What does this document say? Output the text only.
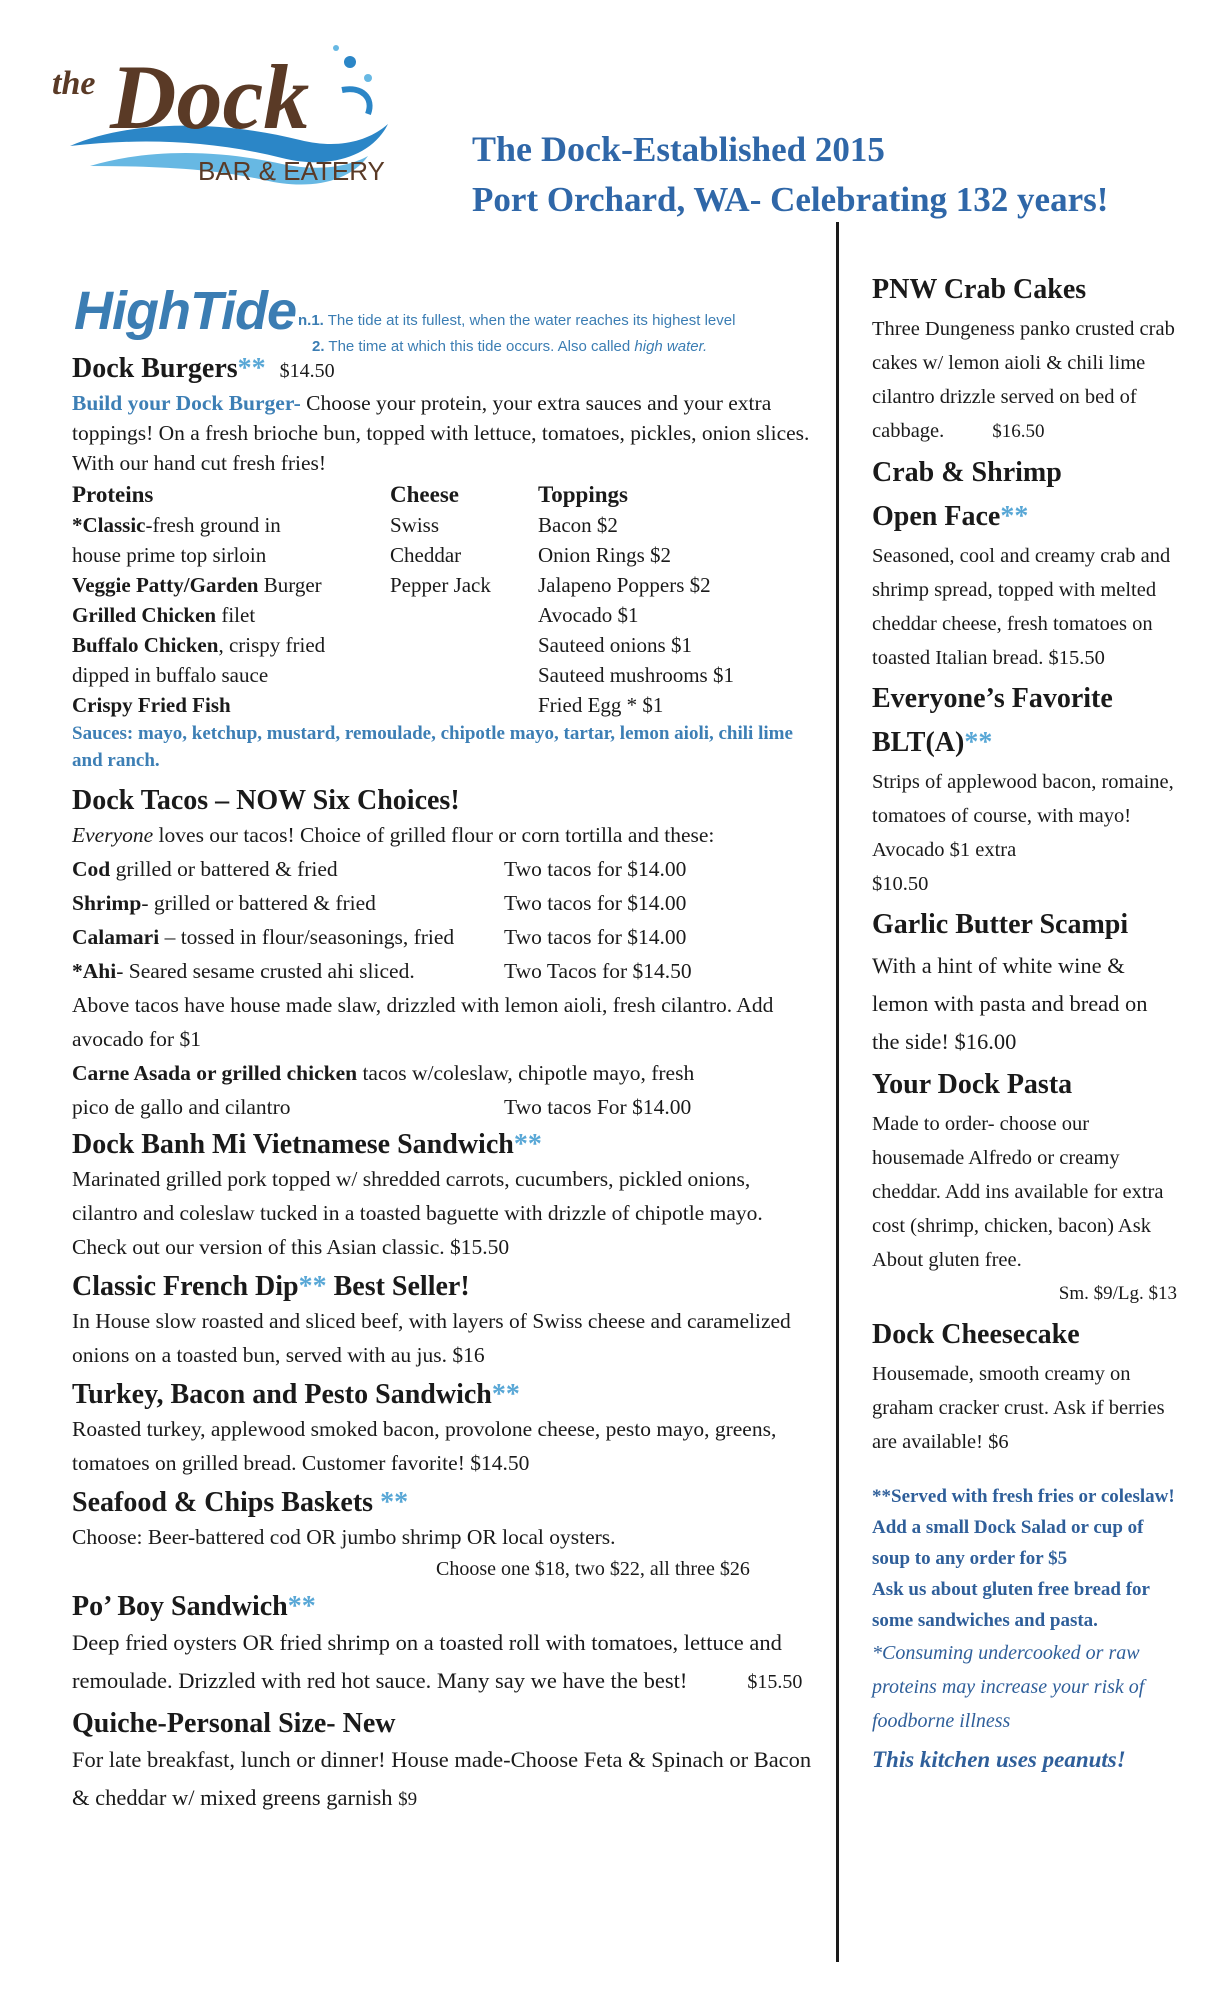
the Dock
BAR & EATERY
The Dock-Established 2015
Port Orchard, WA- Celebrating 132 years!
HighTide n.1. The tide at its fullest, when the water reaches its highest level
2. The time at which this tide occurs. Also called high water.
Dock Burgers** $14.50

Build your Dock Burger- Choose your protein, your extra sauces and your extra toppings! On a fresh brioche bun, topped with lettuce, tomatoes, pickles, onion slices. With our hand cut fresh fries!

Proteins	Cheese	Toppings
*Classic-fresh ground in	Swiss	Bacon $2
house prime top sirloin	Cheddar	Onion Rings $2
Veggie Patty/Garden Burger	Pepper Jack	Jalapeno Poppers $2
Grilled Chicken filet		Avocado $1
Buffalo Chicken, crispy fried		Sauteed onions $1
dipped in buffalo sauce		Sauteed mushrooms $1
Crispy Fried Fish		Fried Egg * $1

Sauces: mayo, ketchup, mustard, remoulade, chipotle mayo, tartar, lemon aioli, chili lime and ranch.

Dock Tacos – NOW Six Choices!

Everyone loves our tacos! Choice of grilled flour or corn tortilla and these:

Cod grilled or battered & fried	Two tacos for $14.00
Shrimp- grilled or battered & fried	Two tacos for $14.00
Calamari – tossed in flour/seasonings, fried	Two tacos for $14.00
*Ahi- Seared sesame crusted ahi sliced.	Two Tacos for $14.50

Above tacos have house made slaw, drizzled with lemon aioli, fresh cilantro. Add avocado for $1

Carne Asada or grilled chicken tacos w/coleslaw, chipotle mayo, fresh

pico de gallo and cilantro	Two tacos For $14.00
Dock Banh Mi Vietnamese Sandwich**

Marinated grilled pork topped w/ shredded carrots, cucumbers, pickled onions, cilantro and coleslaw tucked in a toasted baguette with drizzle of chipotle mayo. Check out our version of this Asian classic. $15.50

Classic French Dip** Best Seller!

In House slow roasted and sliced beef, with layers of Swiss cheese and caramelized onions on a toasted bun, served with au jus. $16

Turkey, Bacon and Pesto Sandwich**

Roasted turkey, applewood smoked bacon, provolone cheese, pesto mayo, greens, tomatoes on grilled bread. Customer favorite! $14.50

Seafood & Chips Baskets **

Choose: Beer-battered cod OR jumbo shrimp OR local oysters.

Choose one $18, two $22, all three $26

Po’ Boy Sandwich**

Deep fried oysters OR fried shrimp on a toasted roll with tomatoes, lettuce and remoulade. Drizzled with red hot sauce. Many say we have the best!	$15.50

Quiche-Personal Size- New

For late breakfast, lunch or dinner! House made-Choose Feta & Spinach or Bacon & cheddar w/ mixed greens garnish $9

PNW Crab Cakes

Three Dungeness panko crusted crab cakes w/ lemon aioli & chili lime cilantro drizzle served on bed of cabbage.	$16.50

Crab & Shrimp
Open Face**

Seasoned, cool and creamy crab and shrimp spread, topped with melted cheddar cheese, fresh tomatoes on toasted Italian bread. $15.50

Everyone’s Favorite
BLT(A)**

Strips of applewood bacon, romaine, tomatoes of course, with mayo! Avocado $1 extra$10.50

Garlic Butter Scampi

With a hint of white wine & lemon with pasta and bread on the side! $16.00

Your Dock Pasta

Made to order- choose our housemade Alfredo or creamy cheddar. Add ins available for extra cost (shrimp, chicken, bacon) Ask About gluten free.

Sm. $9/Lg. $13

Dock Cheesecake

Housemade, smooth creamy on graham cracker crust. Ask if berries are available! $6

**Served with fresh fries or coleslaw!

Add a small Dock Salad or cup of soup to any order for $5

Ask us about gluten free bread for some sandwiches and pasta.

*Consuming undercooked or raw proteins may increase your risk of foodborne illness

This kitchen uses peanuts!
